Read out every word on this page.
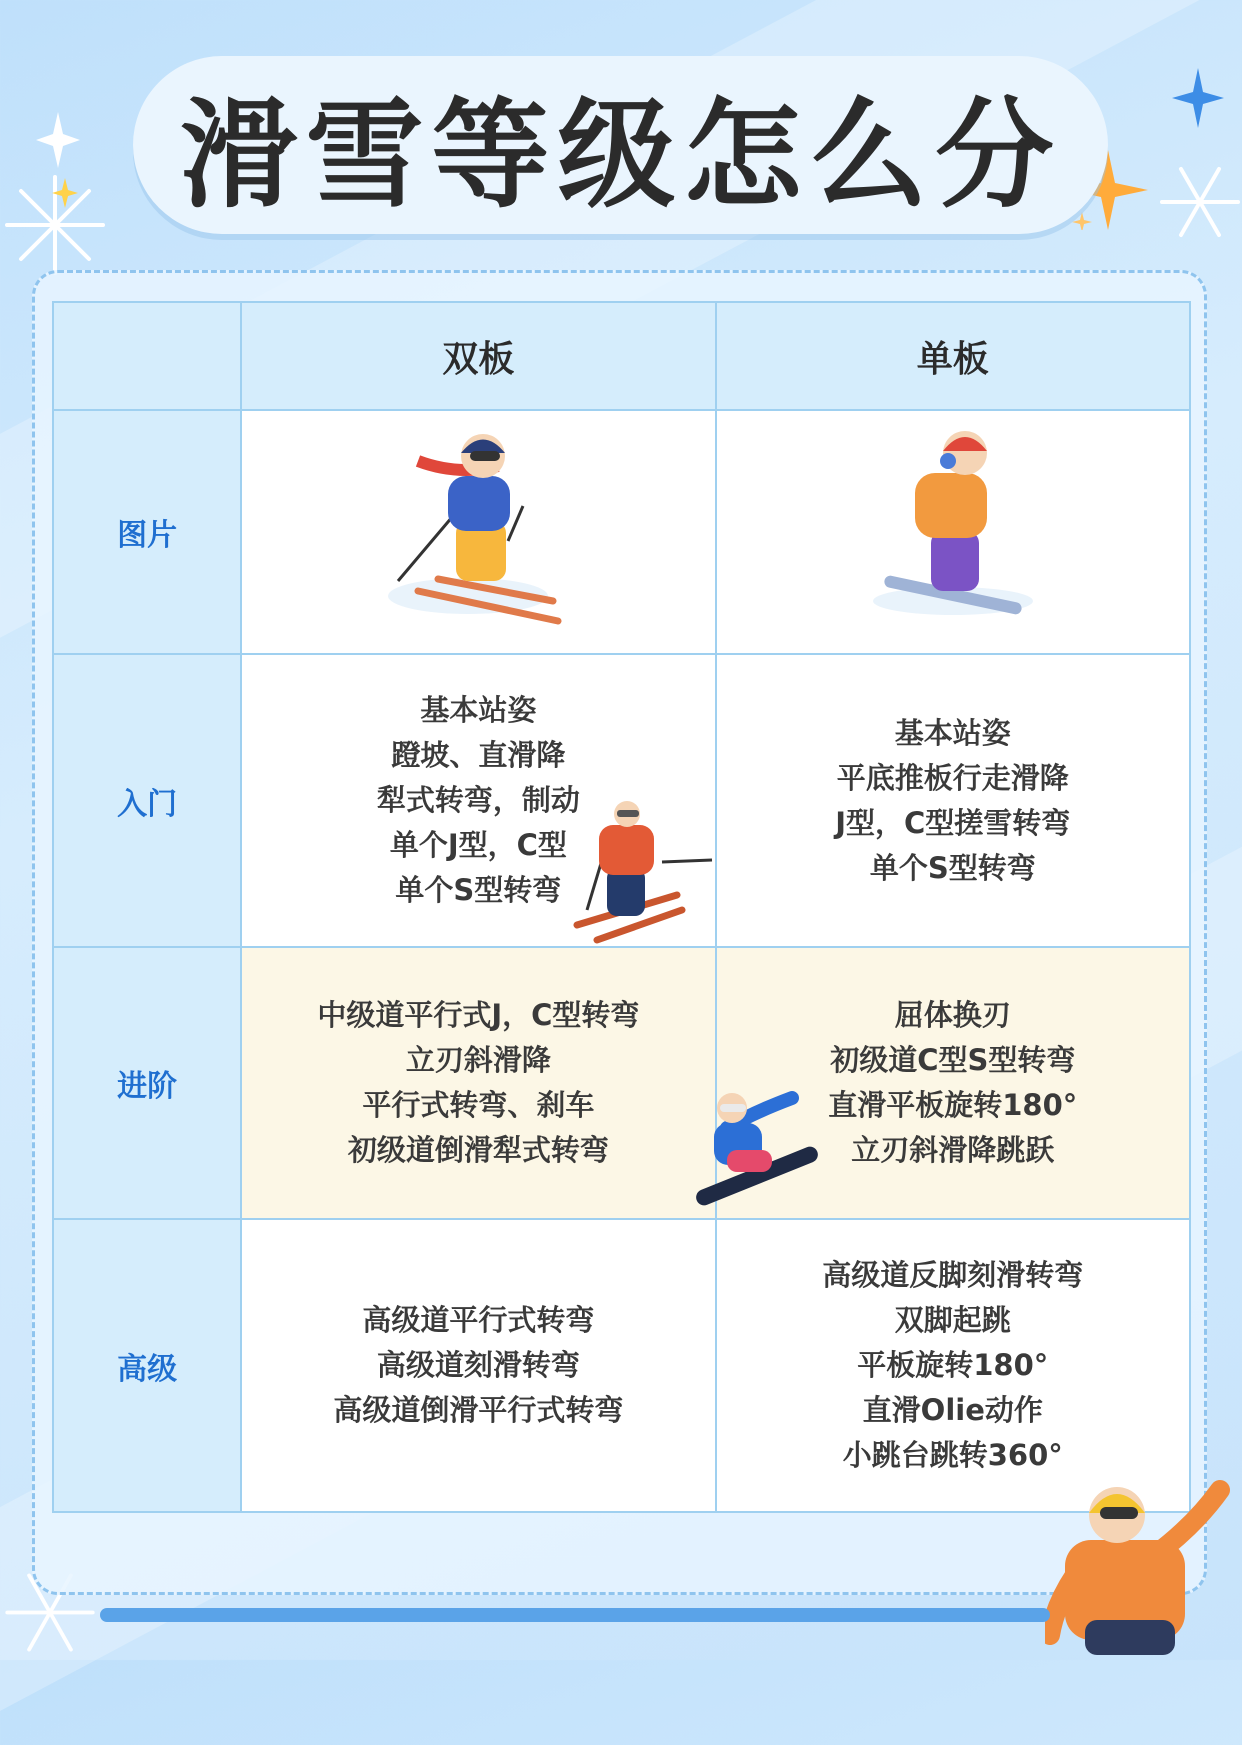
滑雪等级怎么分
	双板	单板
图片		
入门	基本站姿
蹬坡、直滑降
犁式转弯，制动
单个J型，C型
单个S型转弯	基本站姿
平底推板行走滑降
J型，C型搓雪转弯
单个S型转弯

进阶	中级道平行式J，C型转弯
立刃斜滑降
平行式转弯、刹车
初级道倒滑犁式转弯	屈体换刃
初级道C型S型转弯
直滑平板旋转180°
立刃斜滑降跳跃

高级	高级道平行式转弯
高级道刻滑转弯
高级道倒滑平行式转弯	高级道反脚刻滑转弯
双脚起跳
平板旋转180°
直滑Olie动作
小跳台跳转360°
